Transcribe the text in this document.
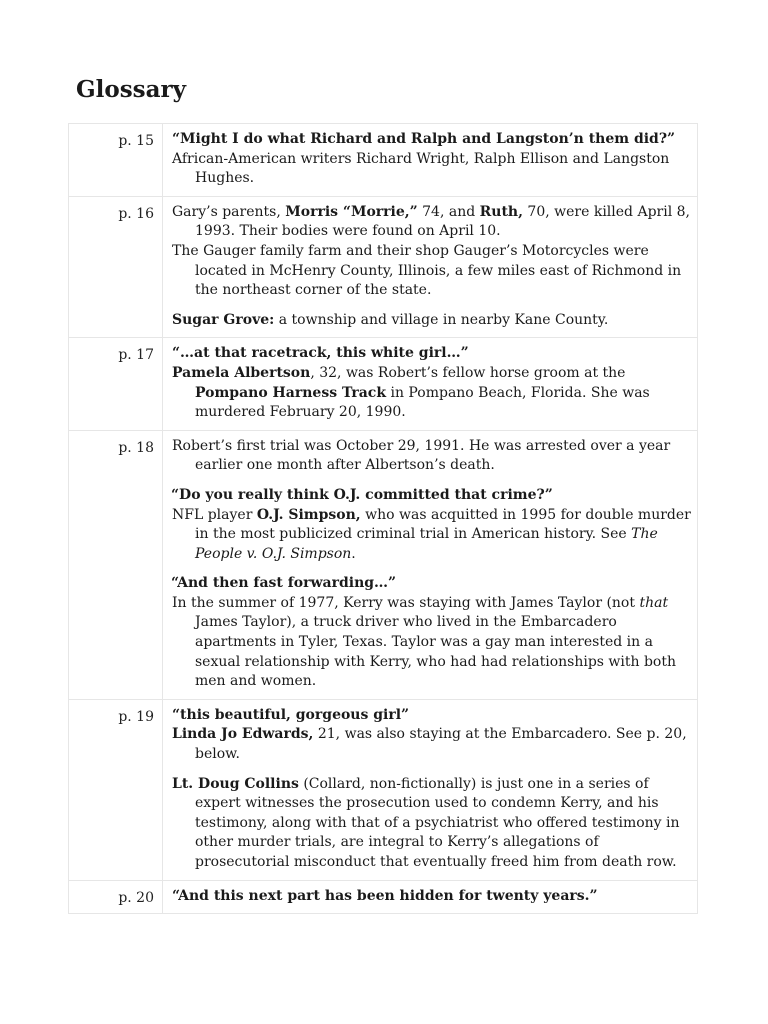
Glossary
p. 15	“Might I do what Richard and Ralph and Langston’n them did?”

African-American writers Richard Wright, Ralph Ellison and Langston Hughes.

p. 16	Gary’s parents, Morris “Morrie,” 74, and Ruth, 70, were killed April 8, 1993. Their bodies were found on April 10.

The Gauger family farm and their shop Gauger’s Motorcycles were located in McHenry County, Illinois, a few miles east of Richmond in the northeast corner of the state.

Sugar Grove: a township and village in nearby Kane County.

p. 17	“…at that racetrack, this white girl…”

Pamela Albertson, 32, was Robert’s fellow horse groom at the Pompano Harness Track in Pompano Beach, Florida. She was murdered February 20, 1990.

p. 18	Robert’s first trial was October 29, 1991. He was arrested over a year earlier one month after Albertson’s death.

“Do you really think O.J. committed that crime?”

NFL player O.J. Simpson, who was acquitted in 1995 for double murder in the most publicized criminal trial in American history. See The People v. O.J. Simpson.

“And then fast forwarding…”

In the summer of 1977, Kerry was staying with James Taylor (not that James Taylor), a truck driver who lived in the Embarcadero apartments in Tyler, Texas. Taylor was a gay man interested in a sexual relationship with Kerry, who had had relationships with both men and women.

p. 19	“this beautiful, gorgeous girl”

Linda Jo Edwards, 21, was also staying at the Embarcadero. See p. 20, below.

Lt. Doug Collins (Collard, non-fictionally) is just one in a series of expert witnesses the prosecution used to condemn Kerry, and his testimony, along with that of a psychiatrist who offered testimony in other murder trials, are integral to Kerry’s allegations of prosecutorial misconduct that eventually freed him from death row.

p. 20	“And this next part has been hidden for twenty years.”
